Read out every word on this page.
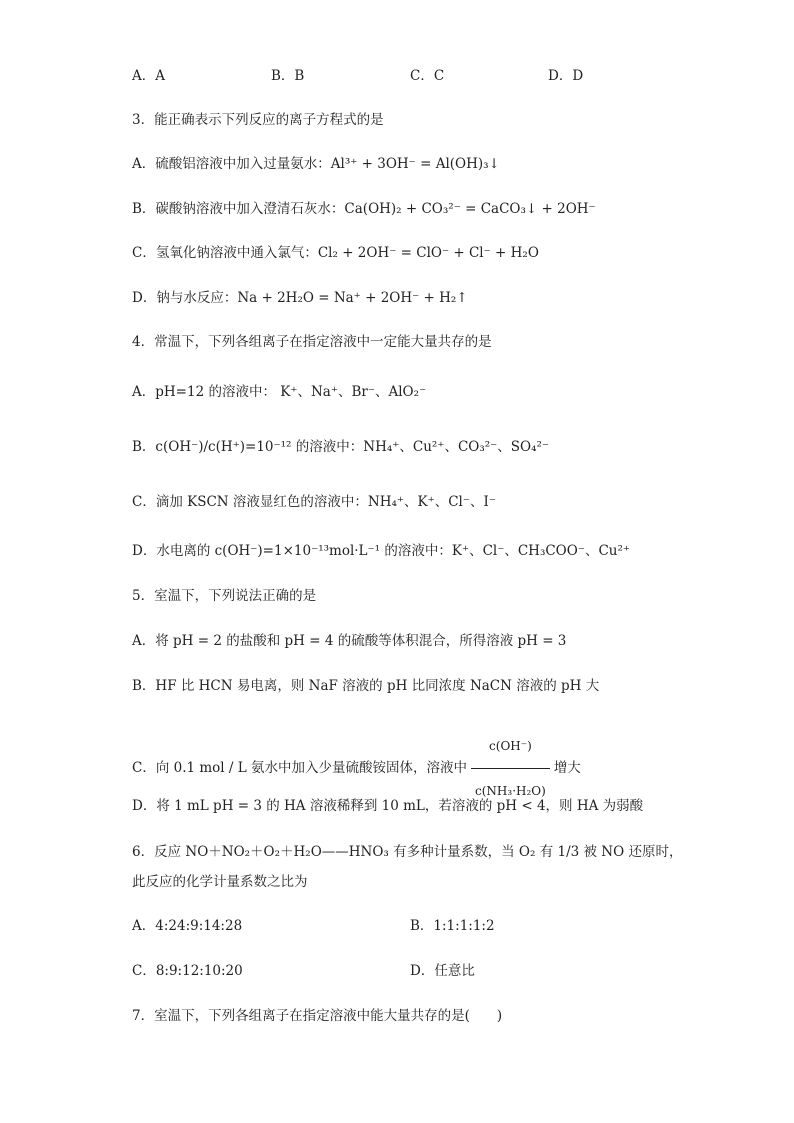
A．A	B．B	C．C	D．D
3．能正确表示下列反应的离子方程式的是
A．硫酸铝溶液中加入过量氨水：Al³⁺ + 3OH⁻ = Al(OH)₃↓
B．碳酸钠溶液中加入澄清石灰水：Ca(OH)₂ + CO₃²⁻ = CaCO₃↓ + 2OH⁻
C．氢氧化钠溶液中通入氯气：Cl₂ + 2OH⁻ = ClO⁻ + Cl⁻ + H₂O
D．钠与水反应：Na + 2H₂O = Na⁺ + 2OH⁻ + H₂↑
4．常温下，下列各组离子在指定溶液中一定能大量共存的是
A．pH=12 的溶液中： K⁺、Na⁺、Br⁻、AlO₂⁻
B．c(OH⁻)/c(H⁺)=10⁻¹² 的溶液中：NH₄⁺、Cu²⁺、CO₃²⁻、SO₄²⁻
C．滴加 KSCN 溶液显红色的溶液中：NH₄⁺、K⁺、Cl⁻、I⁻
D．水电离的 c(OH⁻)=1×10⁻¹³mol·L⁻¹ 的溶液中：K⁺、Cl⁻、CH₃COO⁻、Cu²⁺
5．室温下，下列说法正确的是
A．将 pH = 2 的盐酸和 pH = 4 的硫酸等体积混合，所得溶液 pH = 3
B．HF 比 HCN 易电离，则 NaF 溶液的 pH 比同浓度 NaCN 溶液的 pH 大
C．向 0.1 mol / L 氨水中加入少量硫酸铵固体，溶液中 $\frac{c(OH^-)}{\text{c(NH₃·H₂O)}}$ 增大
D．将 1 mL pH = 3 的 HA 溶液稀释到 10 mL，若溶液的 pH < 4，则 HA 为弱酸
6．反应 NO＋NO₂＋O₂＋H₂O——HNO₃ 有多种计量系数，当 O₂ 有 1/3 被 NO 还原时，
此反应的化学计量系数之比为
A．4:24:9:14:28	B．1:1:1:1:2
C．8:9:12:10:20	D．任意比
7．室温下，下列各组离子在指定溶液中能大量共存的是(　　)
